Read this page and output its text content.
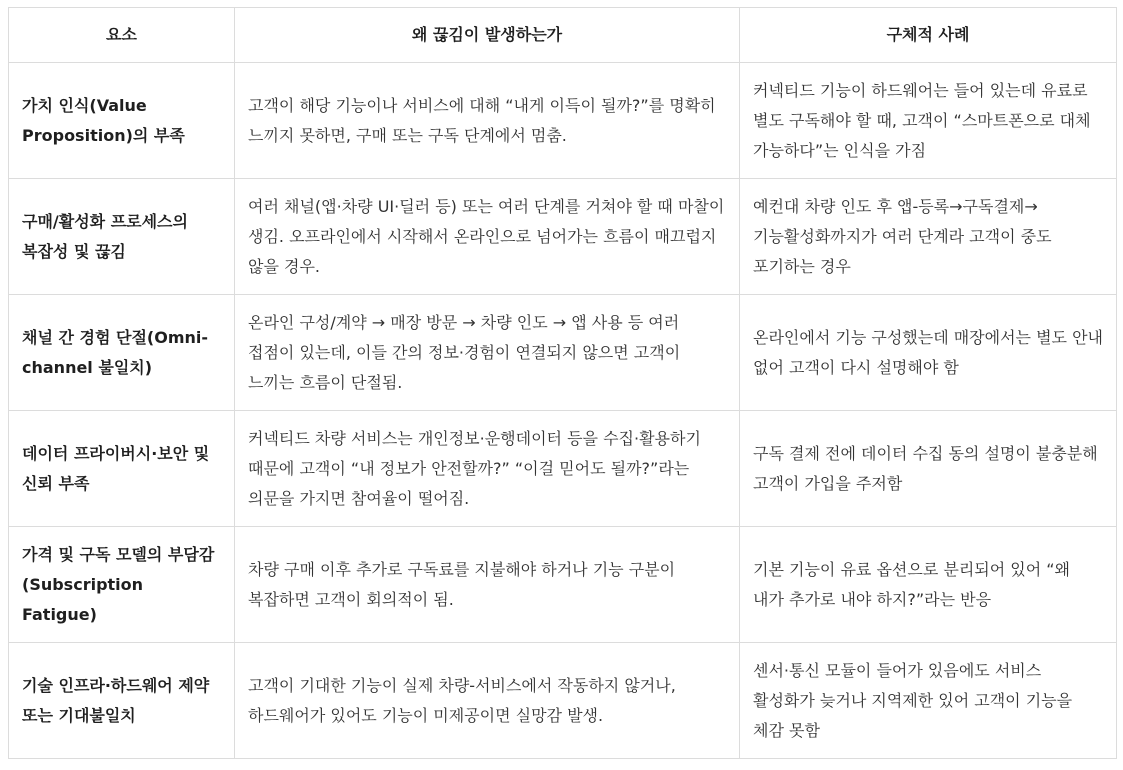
요소	왜 끊김이 발생하는가	구체적 사례
가치 인식(Value Proposition)의 부족	고객이 해당 기능이나 서비스에 대해 “내게 이득이 될까?”를 명확히 느끼지 못하면, 구매 또는 구독 단계에서 멈춤.	커넥티드 기능이 하드웨어는 들어 있는데 유료로 별도 구독해야 할 때, 고객이 “스마트폰으로 대체 가능하다”는 인식을 가짐
구매/활성화 프로세스의 복잡성 및 끊김	여러 채널(앱·차량 UI·딜러 등) 또는 여러 단계를 거쳐야 할 때 마찰이 생김. 오프라인에서 시작해서 온라인으로 넘어가는 흐름이 매끄럽지 않을 경우.	예컨대 차량 인도 후 앱-등록→구독결제→기능활성화까지가 여러 단계라 고객이 중도 포기하는 경우
채널 간 경험 단절(Omni-channel 불일치)	온라인 구성/계약 → 매장 방문 → 차량 인도 → 앱 사용 등 여러 접점이 있는데, 이들 간의 정보·경험이 연결되지 않으면 고객이 느끼는 흐름이 단절됨.	온라인에서 기능 구성했는데 매장에서는 별도 안내 없어 고객이 다시 설명해야 함
데이터 프라이버시·보안 및 신뢰 부족	커넥티드 차량 서비스는 개인정보·운행데이터 등을 수집·활용하기 때문에 고객이 “내 정보가 안전할까?” “이걸 믿어도 될까?”라는 의문을 가지면 참여율이 떨어짐.	구독 결제 전에 데이터 수집 동의 설명이 불충분해 고객이 가입을 주저함
가격 및 구독 모델의 부담감(Subscription Fatigue)	차량 구매 이후 추가로 구독료를 지불해야 하거나 기능 구분이 복잡하면 고객이 회의적이 됨.	기본 기능이 유료 옵션으로 분리되어 있어 “왜 내가 추가로 내야 하지?”라는 반응
기술 인프라·하드웨어 제약 또는 기대불일치	고객이 기대한 기능이 실제 차량-서비스에서 작동하지 않거나, 하드웨어가 있어도 기능이 미제공이면 실망감 발생.	센서·통신 모듈이 들어가 있음에도 서비스 활성화가 늦거나 지역제한 있어 고객이 기능을 체감 못함
